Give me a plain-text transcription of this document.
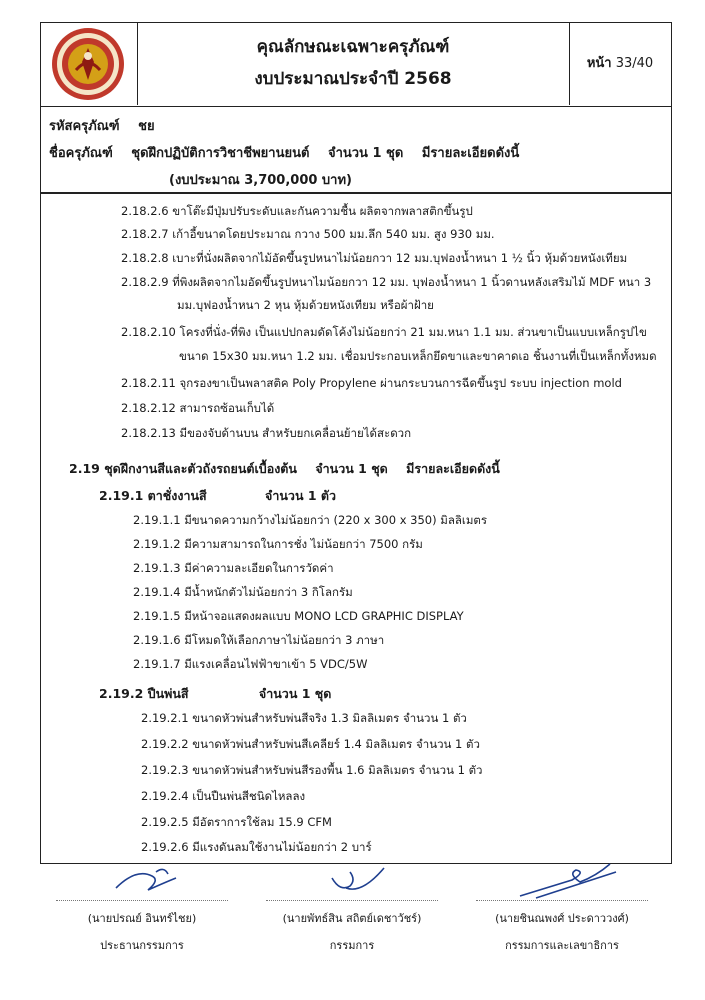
คุณลักษณะเฉพาะครุภัณฑ์
งบประมาณประจำปี 2568
หน้า 33/40
รหัสครุภัณฑ์ ชย
ชื่อครุภัณฑ์ ชุดฝึกปฏิบัติการวิชาชีพยานยนต์ จำนวน 1 ชุด มีรายละเอียดดังนี้
(งบประมาณ 3,700,000 บาท)
2.18.2.6 ขาโต๊ะมีปุ่มปรับระดับและกันความชื้น ผลิตจากพลาสติกขึ้นรูป
2.18.2.7 เก้าอี้ขนาดโดยประมาณ กวาง 500 มม.ลึก 540 มม. สูง 930 มม.
2.18.2.8 เบาะที่นั่งผลิตจากไม้อัดขึ้นรูปหนาไม่น้อยกวา 12 มม.บุฟองน้ำหนา 1 ½ นิ้ว หุ้มด้วยหนังเทียม
2.18.2.9 ที่พิงผลิตจากไมอัดขึ้นรูปหนาไมน้อยกวา 12 มม. บุฟองน้ำหนา 1 นิ้วดานหลังเสริมไม้ MDF หนา 3
มม.บุฟองน้ำหนา 2 หุน หุ้มด้วยหนังเทียม หรือผ้าฝ้าย
2.18.2.10 โครงที่นั่ง-ที่พิง เป็นแปปกลมดัดโค้งไม่น้อยกว่า 21 มม.หนา 1.1 มม. ส่วนขาเป็นแบบเหล็กรูปไข
ขนาด 15x30 มม.หนา 1.2 มม. เชื่อมประกอบเหล็กยึดขาและขาคาดเอ ชิ้นงานที่เป็นเหล็กทั้งหมด
2.18.2.11 จุกรองขาเป็นพลาสติค Poly Propylene ผ่านกระบวนการฉีดขึ้นรูป ระบบ injection mold
2.18.2.12 สามารถซ้อนเก็บได้
2.18.2.13 มีของจับด้านบน สำหรับยกเคลื่อนย้ายได้สะดวก
2.19 ชุดฝึกงานสีและตัวถังรถยนต์เบื้องต้น จำนวน 1 ชุด มีรายละเอียดดังนี้
2.19.1 ตาชั่งงานสี	จำนวน 1 ตัว
2.19.1.1 มีขนาดความกว้างไม่น้อยกว่า (220 x 300 x 350) มิลลิเมตร
2.19.1.2 มีความสามารถในการชั่ง ไม่น้อยกว่า 7500 กรัม
2.19.1.3 มีค่าความละเอียดในการวัดค่า
2.19.1.4 มีน้ำหนักตัวไม่น้อยกว่า 3 กิโลกรัม
2.19.1.5 มีหน้าจอแสดงผลแบบ MONO LCD GRAPHIC DISPLAY
2.19.1.6 มีโหมดให้เลือกภาษาไม่น้อยกว่า 3 ภาษา
2.19.1.7 มีแรงเคลื่อนไฟฟ้าขาเข้า 5 VDC/5W
2.19.2 ปืนพ่นสี	จำนวน 1 ชุด
2.19.2.1 ขนาดหัวพ่นสำหรับพ่นสีจริง 1.3 มิลลิเมตร จำนวน 1 ตัว
2.19.2.2 ขนาดหัวพ่นสำหรับพ่นสีเคลียร์ 1.4 มิลลิเมตร จำนวน 1 ตัว
2.19.2.3 ขนาดหัวพ่นสำหรับพ่นสีรองพื้น 1.6 มิลลิเมตร จำนวน 1 ตัว
2.19.2.4 เป็นปืนพ่นสีชนิดไหลลง
2.19.2.5 มีอัตราการใช้ลม 15.9 CFM
2.19.2.6 มีแรงดันลมใช้งานไม่น้อยกว่า 2 บาร์
(นายปรณย์ อินทร์ไชย)
ประธานกรรมการ
(นายพัทธ์สิน สถิตย์เดชาวัชร์)
กรรมการ
(นายชินณพงศ์ ประดาววงศ์)
กรรมการและเลขาธิการ
